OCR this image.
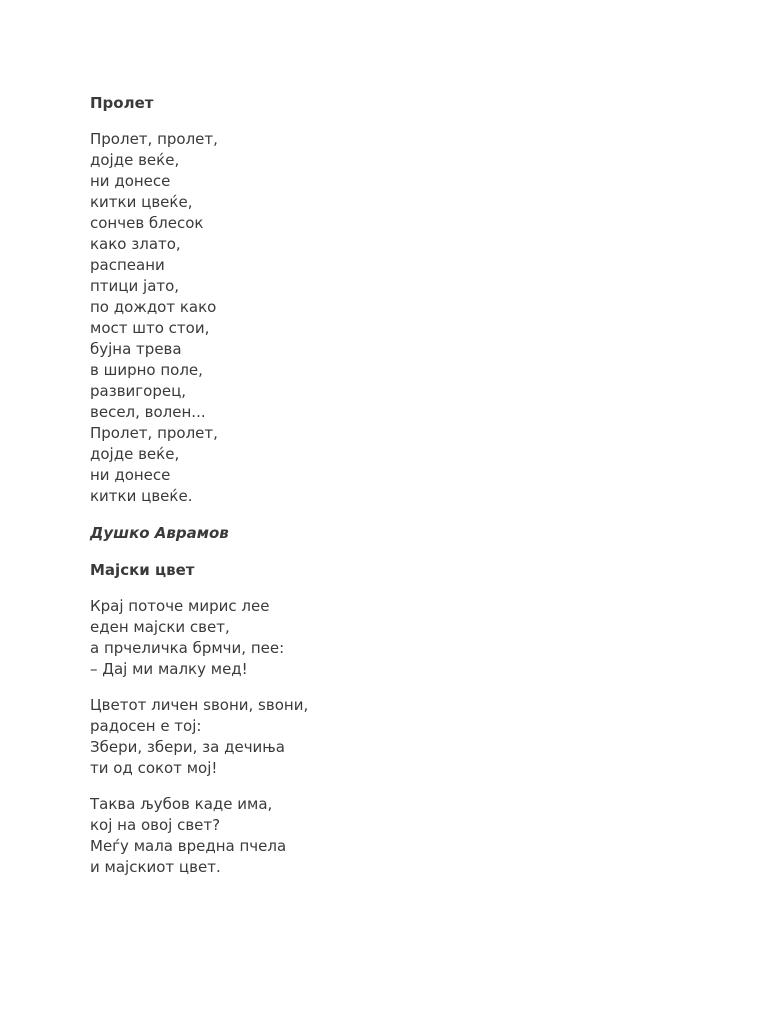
Пролет
Пролет, пролет,
дојде веќе,
ни донесе
китки цвеќе,
сончев блесок
како злато,
распеани
птици јато,
по дождот како
мост што стои,
бујна трева
в ширно поле,
развигорец,
весел, волен...
Пролет, пролет,
дојде веќе,
ни донесе
китки цвеќе.
Душко Аврамов
Мајски цвет
Крај поточе мирис лее
еден мајски свет,
а прчеличка брмчи, пее:
– Дај ми малку мед!
Цветот личен ѕвони, ѕвони,
радосен е тој:
Збери, збери, за дечиња
ти од сокот мој!
Таква љубов каде има,
кој на овој свет?
Меѓу мала вредна пчела
и мајскиот цвет.
